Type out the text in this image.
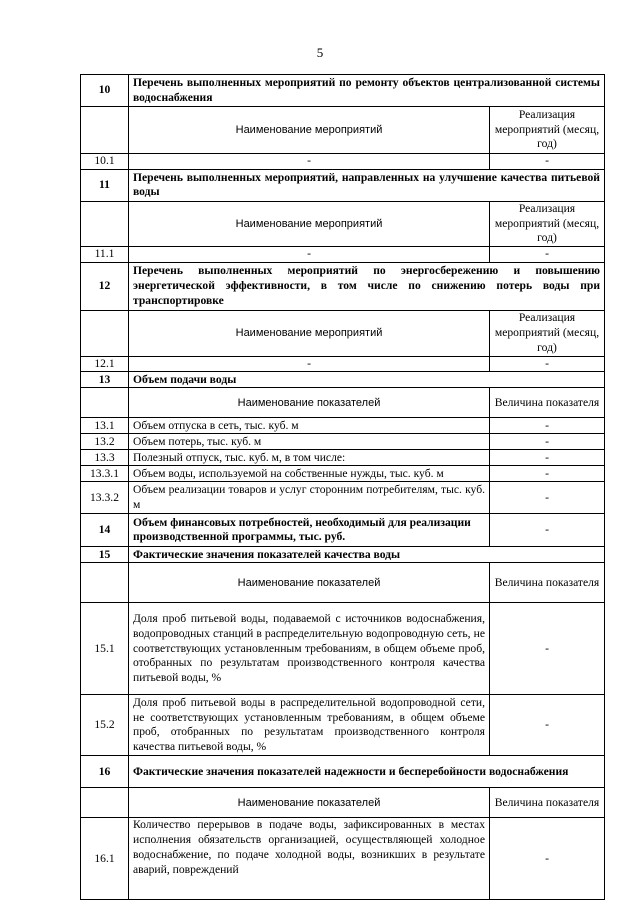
5
10	Перечень выполненных мероприятий по ремонту объектов централизованной системы водоснабжения	
	Наименование мероприятий	Реализация мероприятий (месяц, год)
10.1	-	-
11	Перечень выполненных мероприятий, направленных на улучшение качества питьевой воды	
	Наименование мероприятий	Реализация мероприятий (месяц, год)
11.1	-	-
12	Перечень выполненных мероприятий по энергосбережению и повышению энергетической эффективности, в том числе по снижению потерь воды при транспортировке	
	Наименование мероприятий	Реализация мероприятий (месяц, год)
12.1	-	-
13	Объем подачи воды	
	Наименование показателей	Величина показателя
13.1	Объем отпуска в сеть, тыс. куб. м	-
13.2	Объем потерь, тыс. куб. м	-
13.3	Полезный отпуск, тыс. куб. м, в том числе:	-
13.3.1	Объем воды, используемой на собственные нужды, тыс. куб. м	-
13.3.2	Объем реализации товаров и услуг сторонним потребителям, тыс. куб. м	-
14	Объем финансовых потребностей, необходимый для реализации производственной программы, тыс. руб.	-
15	Фактические значения показателей качества воды	
	Наименование показателей	Величина показателя
15.1	Доля проб питьевой воды, подаваемой с источников водоснабжения, водопроводных станций в распределительную водопроводную сеть, не соответствующих установленным требованиям, в общем объеме проб, отобранных по результатам производственного контроля качества питьевой воды, %	-
15.2	Доля проб питьевой воды в распределительной водопроводной сети, не соответствующих установленным требованиям, в общем объеме проб, отобранных по результатам производственного контроля качества питьевой воды, %	-
16	Фактические значения показателей надежности и бесперебойности водоснабжения	
	Наименование показателей	Величина показателя
16.1	Количество перерывов в подаче воды, зафиксированных в местах исполнения обязательств организацией, осуществляющей холодное водоснабжение, по подаче холодной воды, возникших в результате аварий, повреждений	-
